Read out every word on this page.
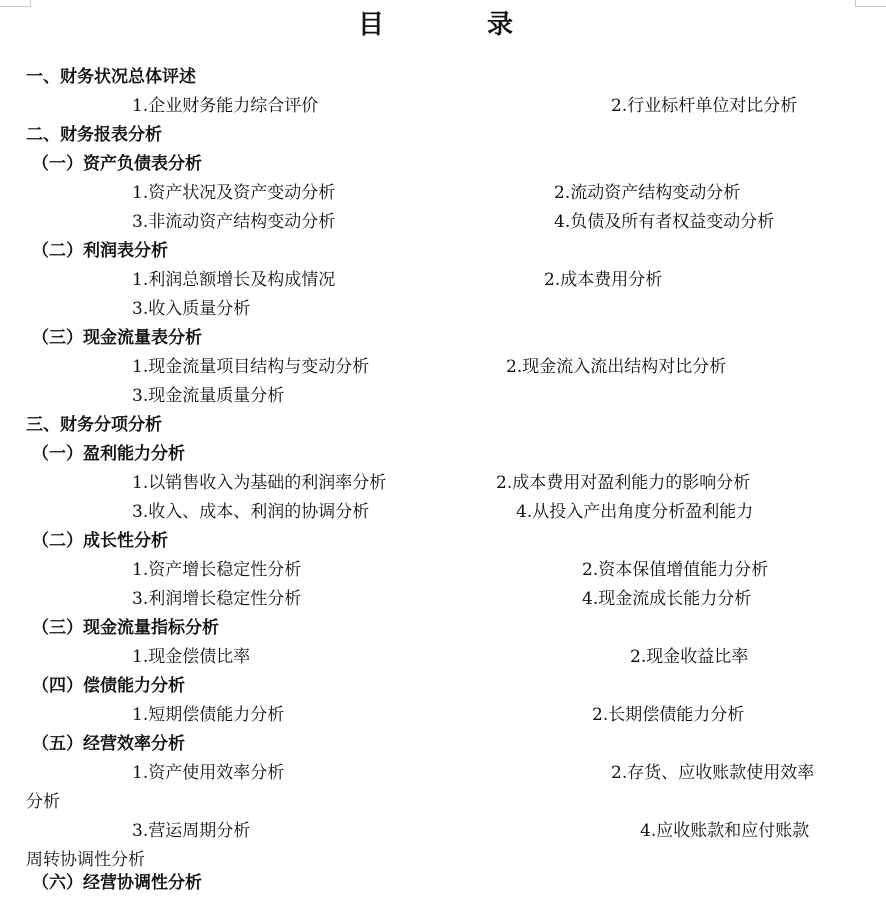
目	录
一、财务状况总体评述
1.企业财务能力综合评价	2.行业标杆单位对比分析
二、财务报表分析
（一）资产负债表分析
1.资产状况及资产变动分析	2.流动资产结构变动分析
3.非流动资产结构变动分析	4.负债及所有者权益变动分析
（二）利润表分析
1.利润总额增长及构成情况	2.成本费用分析
3.收入质量分析
（三）现金流量表分析
1.现金流量项目结构与变动分析	2.现金流入流出结构对比分析
3.现金流量质量分析
三、财务分项分析
（一）盈利能力分析
1.以销售收入为基础的利润率分析	2.成本费用对盈利能力的影响分析
3.收入、成本、利润的协调分析	4.从投入产出角度分析盈利能力
（二）成长性分析
1.资产增长稳定性分析	2.资本保值增值能力分析
3.利润增长稳定性分析	4.现金流成长能力分析
（三）现金流量指标分析
1.现金偿债比率	2.现金收益比率
（四）偿债能力分析
1.短期偿债能力分析	2.长期偿债能力分析
（五）经营效率分析
1.资产使用效率分析	2.存货、应收账款使用效率
分析
3.营运周期分析	4.应收账款和应付账款
周转协调性分析
（六）经营协调性分析
